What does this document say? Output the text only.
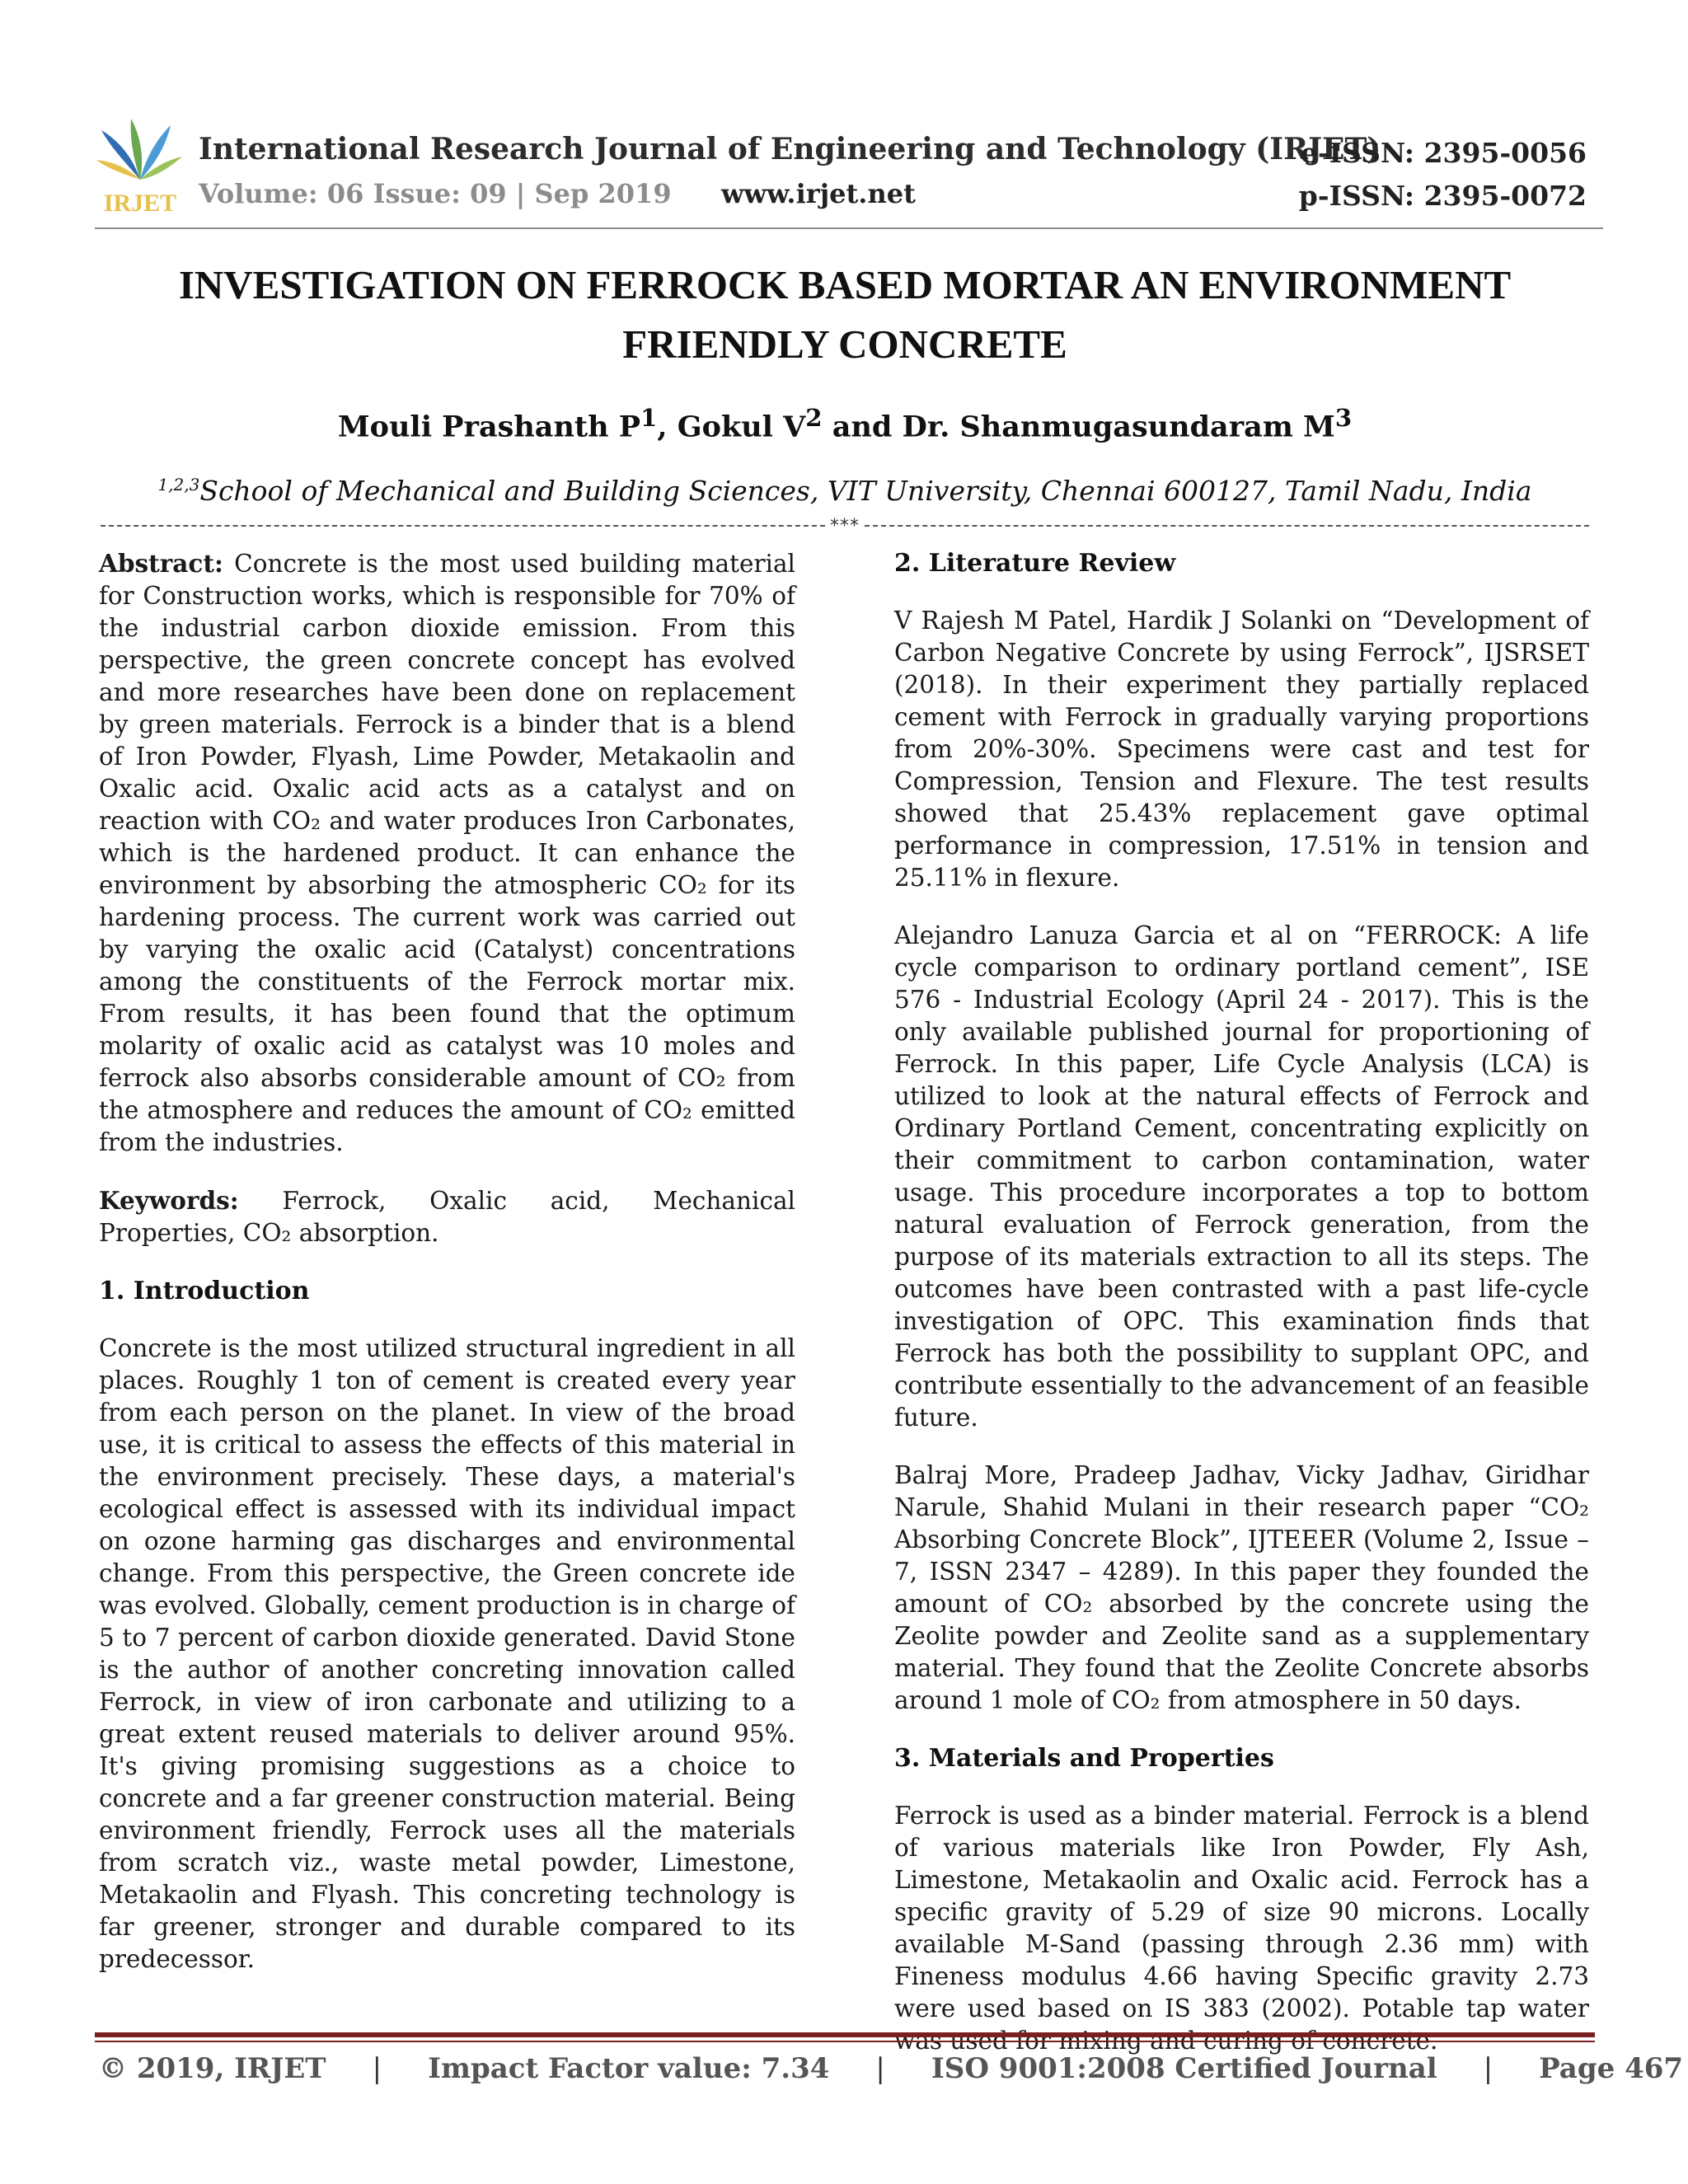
IRJET
International Research Journal of Engineering and Technology (IRJET)
Volume: 06 Issue: 09 | Sep 2019 www.irjet.net
e-ISSN: 2395-0056
p-ISSN: 2395-0072
INVESTIGATION ON FERROCK BASED MORTAR AN ENVIRONMENT
FRIENDLY CONCRETE
Mouli Prashanth $P^1$, Gokul $V^2$ and Dr. Shanmugasundaram $M^3$
$^{1,2,3}$School of Mechanical and Building Sciences, VIT University, Chennai 600127, Tamil Nadu, India
***

Abstract: Concrete is the most used building material for Construction works, which is responsible for 70% of the industrial carbon dioxide emission. From this perspective, the green concrete concept has evolved and more researches have been done on replacement by green materials. Ferrock is a binder that is a blend of Iron Powder, Flyash, Lime Powder, Metakaolin and Oxalic acid. Oxalic acid acts as a catalyst and on reaction with CO₂ and water produces Iron Carbonates, which is the hardened product. It can enhance the environment by absorbing the atmospheric CO₂ for its hardening process. The current work was carried out by varying the oxalic acid (Catalyst) concentrations among the constituents of the Ferrock mortar mix. From results, it has been found that the optimum molarity of oxalic acid as catalyst was 10 moles and ferrock also absorbs considerable amount of CO₂ from the atmosphere and reduces the amount of CO₂ emitted from the industries.

Keywords: Ferrock, Oxalic acid, Mechanical Properties, CO₂ absorption.

1. Introduction

Concrete is the most utilized structural ingredient in all places. Roughly 1 ton of cement is created every year from each person on the planet. In view of the broad use, it is critical to assess the effects of this material in the environment precisely. These days, a material's ecological effect is assessed with its individual impact on ozone harming gas discharges and environmental change. From this perspective, the Green concrete ide was evolved. Globally, cement production is in charge of 5 to 7 percent of carbon dioxide generated. David Stone is the author of another concreting innovation called Ferrock, in view of iron carbonate and utilizing to a great extent reused materials to deliver around 95%. It's giving promising suggestions as a choice to concrete and a far greener construction material. Being environment friendly, Ferrock uses all the materials from scratch viz., waste metal powder, Limestone, Metakaolin and Flyash. This concreting technology is far greener, stronger and durable compared to its predecessor.

2. Literature Review

V Rajesh M Patel, Hardik J Solanki on “Development of Carbon Negative Concrete by using Ferrock”, IJSRSET (2018). In their experiment they partially replaced cement with Ferrock in gradually varying proportions from 20%-30%. Specimens were cast and test for Compression, Tension and Flexure. The test results showed that 25.43% replacement gave optimal performance in compression, 17.51% in tension and 25.11% in flexure.

Alejandro Lanuza Garcia et al on “FERROCK: A life cycle comparison to ordinary portland cement”, ISE 576 - Industrial Ecology (April 24 - 2017). This is the only available published journal for proportioning of Ferrock. In this paper, Life Cycle Analysis (LCA) is utilized to look at the natural effects of Ferrock and Ordinary Portland Cement, concentrating explicitly on their commitment to carbon contamination, water usage. This procedure incorporates a top to bottom natural evaluation of Ferrock generation, from the purpose of its materials extraction to all its steps. The outcomes have been contrasted with a past life-cycle investigation of OPC. This examination finds that Ferrock has both the possibility to supplant OPC, and contribute essentially to the advancement of an feasible future.

Balraj More, Pradeep Jadhav, Vicky Jadhav, Giridhar Narule, Shahid Mulani in their research paper “CO₂ Absorbing Concrete Block”, IJTEEER (Volume 2, Issue – 7, ISSN 2347 – 4289). In this paper they founded the amount of CO₂ absorbed by the concrete using the Zeolite powder and Zeolite sand as a supplementary material. They found that the Zeolite Concrete absorbs around 1 mole of CO₂ from atmosphere in 50 days.

3. Materials and Properties

Ferrock is used as a binder material. Ferrock is a blend of various materials like Iron Powder, Fly Ash, Limestone, Metakaolin and Oxalic acid. Ferrock has a specific gravity of 5.29 of size 90 microns. Locally available M-Sand (passing through 2.36 mm) with Fineness modulus 4.66 having Specific gravity 2.73 were used based on IS 383 (2002). Potable tap water of

© 2019, IRJET | Impact Factor value: 7.34 | ISO 9001:2008 Certified Journal | Page 467
